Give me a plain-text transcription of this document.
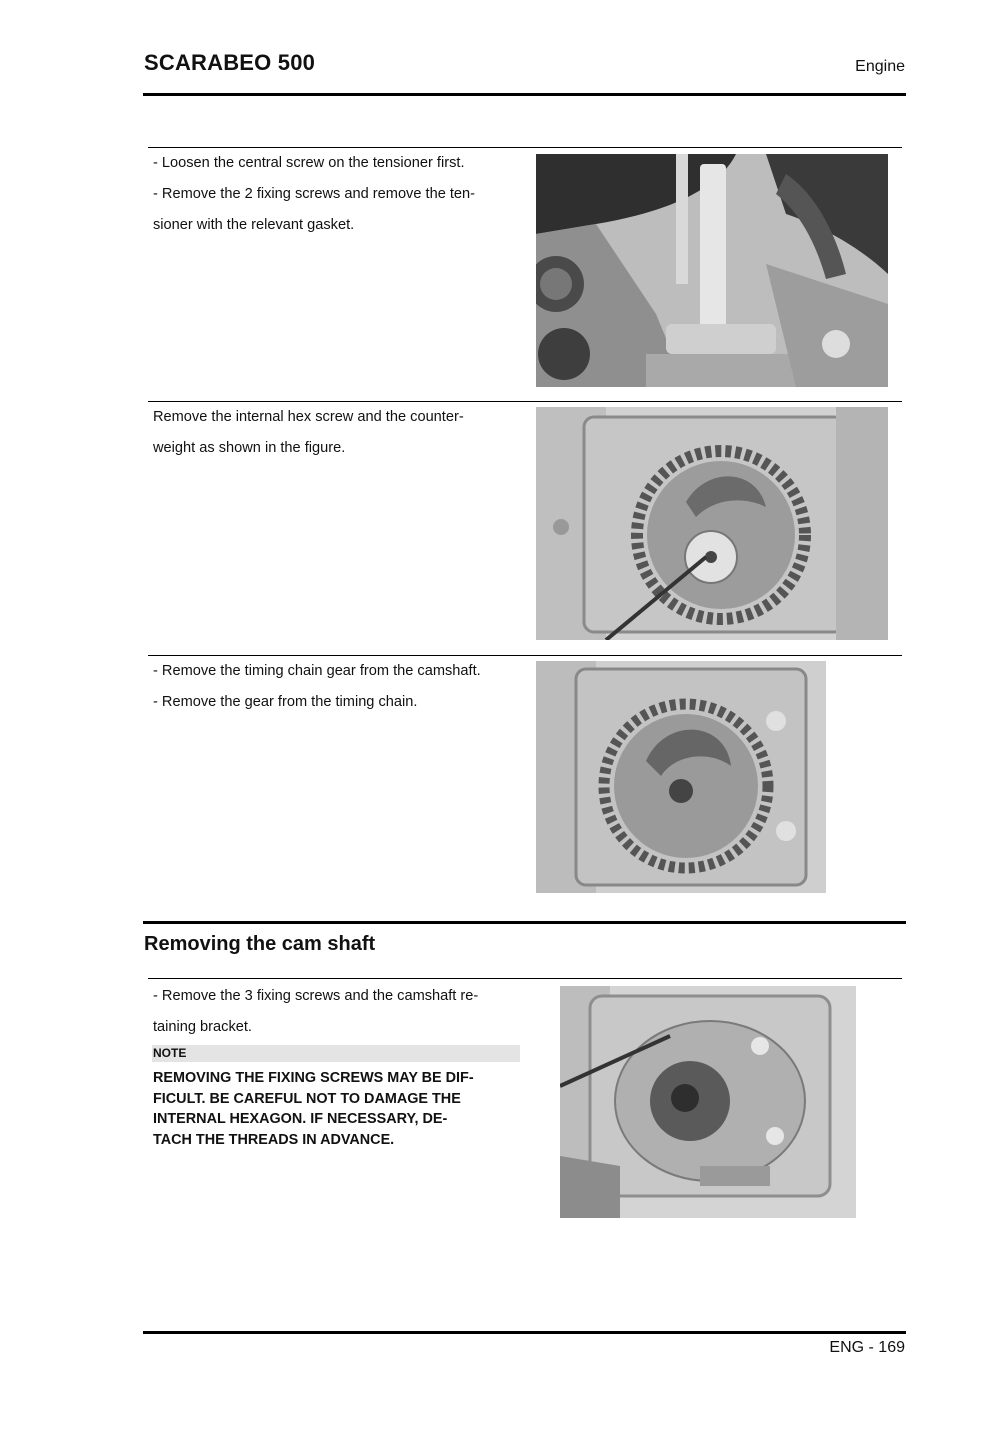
SCARABEO 500	Engine

- Loosen the central screw on the tensioner first.

- Remove the 2 fixing screws and remove the ten-

sioner with the relevant gasket.

Remove the internal hex screw and the counter-

weight as shown in the figure.

- Remove the timing chain gear from the camshaft.

- Remove the gear from the timing chain.

Removing the cam shaft

- Remove the 3 fixing screws and the camshaft re-

taining bracket.

NOTE
REMOVING THE FIXING SCREWS MAY BE DIF-
FICULT. BE CAREFUL NOT TO DAMAGE THE
INTERNAL HEXAGON. IF NECESSARY, DE-
TACH THE THREADS IN ADVANCE.
ENG - 169
